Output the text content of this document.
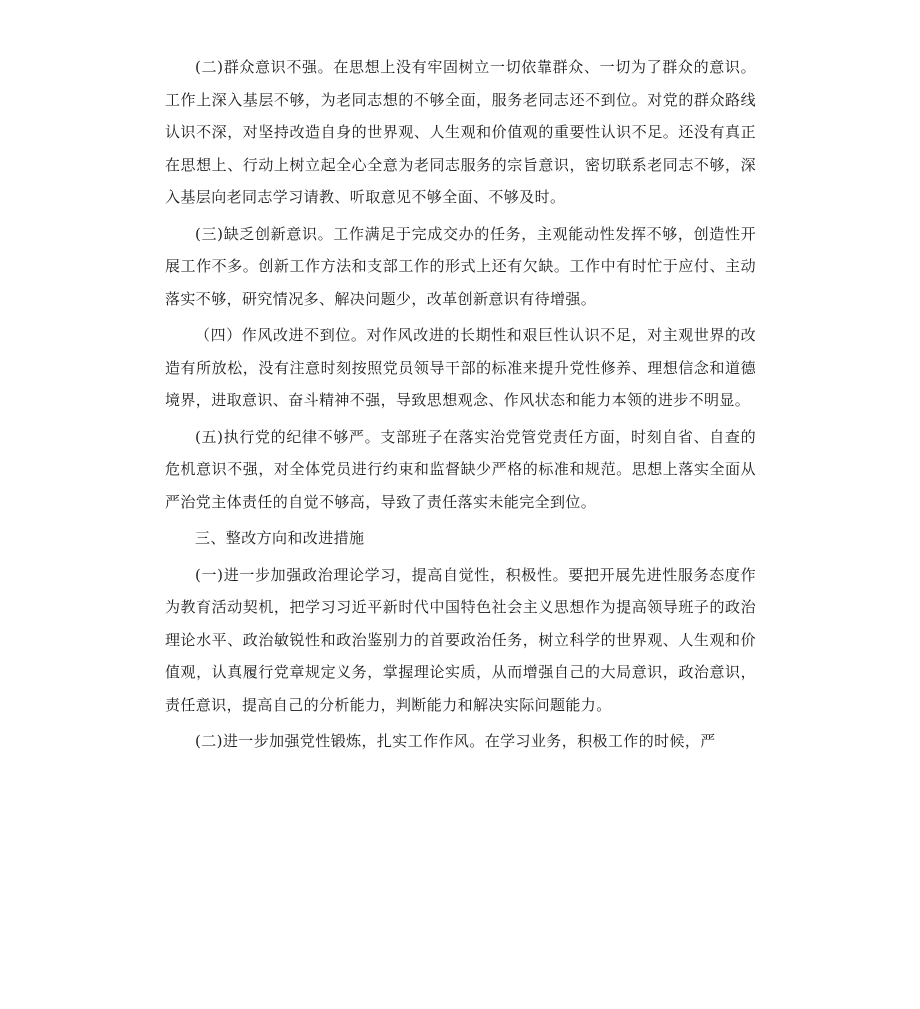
(二)群众意识不强。在思想上没有牢固树立一切依靠群众、一切为了群众的意识。工作上深入基层不够，为老同志想的不够全面，服务老同志还不到位。对党的群众路线认识不深，对坚持改造自身的世界观、人生观和价值观的重要性认识不足。还没有真正在思想上、行动上树立起全心全意为老同志服务的宗旨意识，密切联系老同志不够，深入基层向老同志学习请教、听取意见不够全面、不够及时。

(三)缺乏创新意识。工作满足于完成交办的任务，主观能动性发挥不够，创造性开展工作不多。创新工作方法和支部工作的形式上还有欠缺。工作中有时忙于应付、主动落实不够，研究情况多、解决问题少，改革创新意识有待增强。

（四）作风改进不到位。对作风改进的长期性和艰巨性认识不足，对主观世界的改造有所放松，没有注意时刻按照党员领导干部的标准来提升党性修养、理想信念和道德境界，进取意识、奋斗精神不强，导致思想观念、作风状态和能力本领的进步不明显。

(五)执行党的纪律不够严。支部班子在落实治党管党责任方面，时刻自省、自查的危机意识不强，对全体党员进行约束和监督缺少严格的标准和规范。思想上落实全面从严治党主体责任的自觉不够高，导致了责任落实未能完全到位。

三、整改方向和改进措施

(一)进一步加强政治理论学习，提高自觉性，积极性。要把开展先进性服务态度作为教育活动契机，把学习习近平新时代中国特色社会主义思想作为提高领导班子的政治理论水平、政治敏锐性和政治鉴别力的首要政治任务，树立科学的世界观、人生观和价值观，认真履行党章规定义务，掌握理论实质，从而增强自己的大局意识，政治意识，责任意识，提高自己的分析能力，判断能力和解决实际问题能力。

(二)进一步加强党性锻炼，扎实工作作风。在学习业务，积极工作的时候，严
